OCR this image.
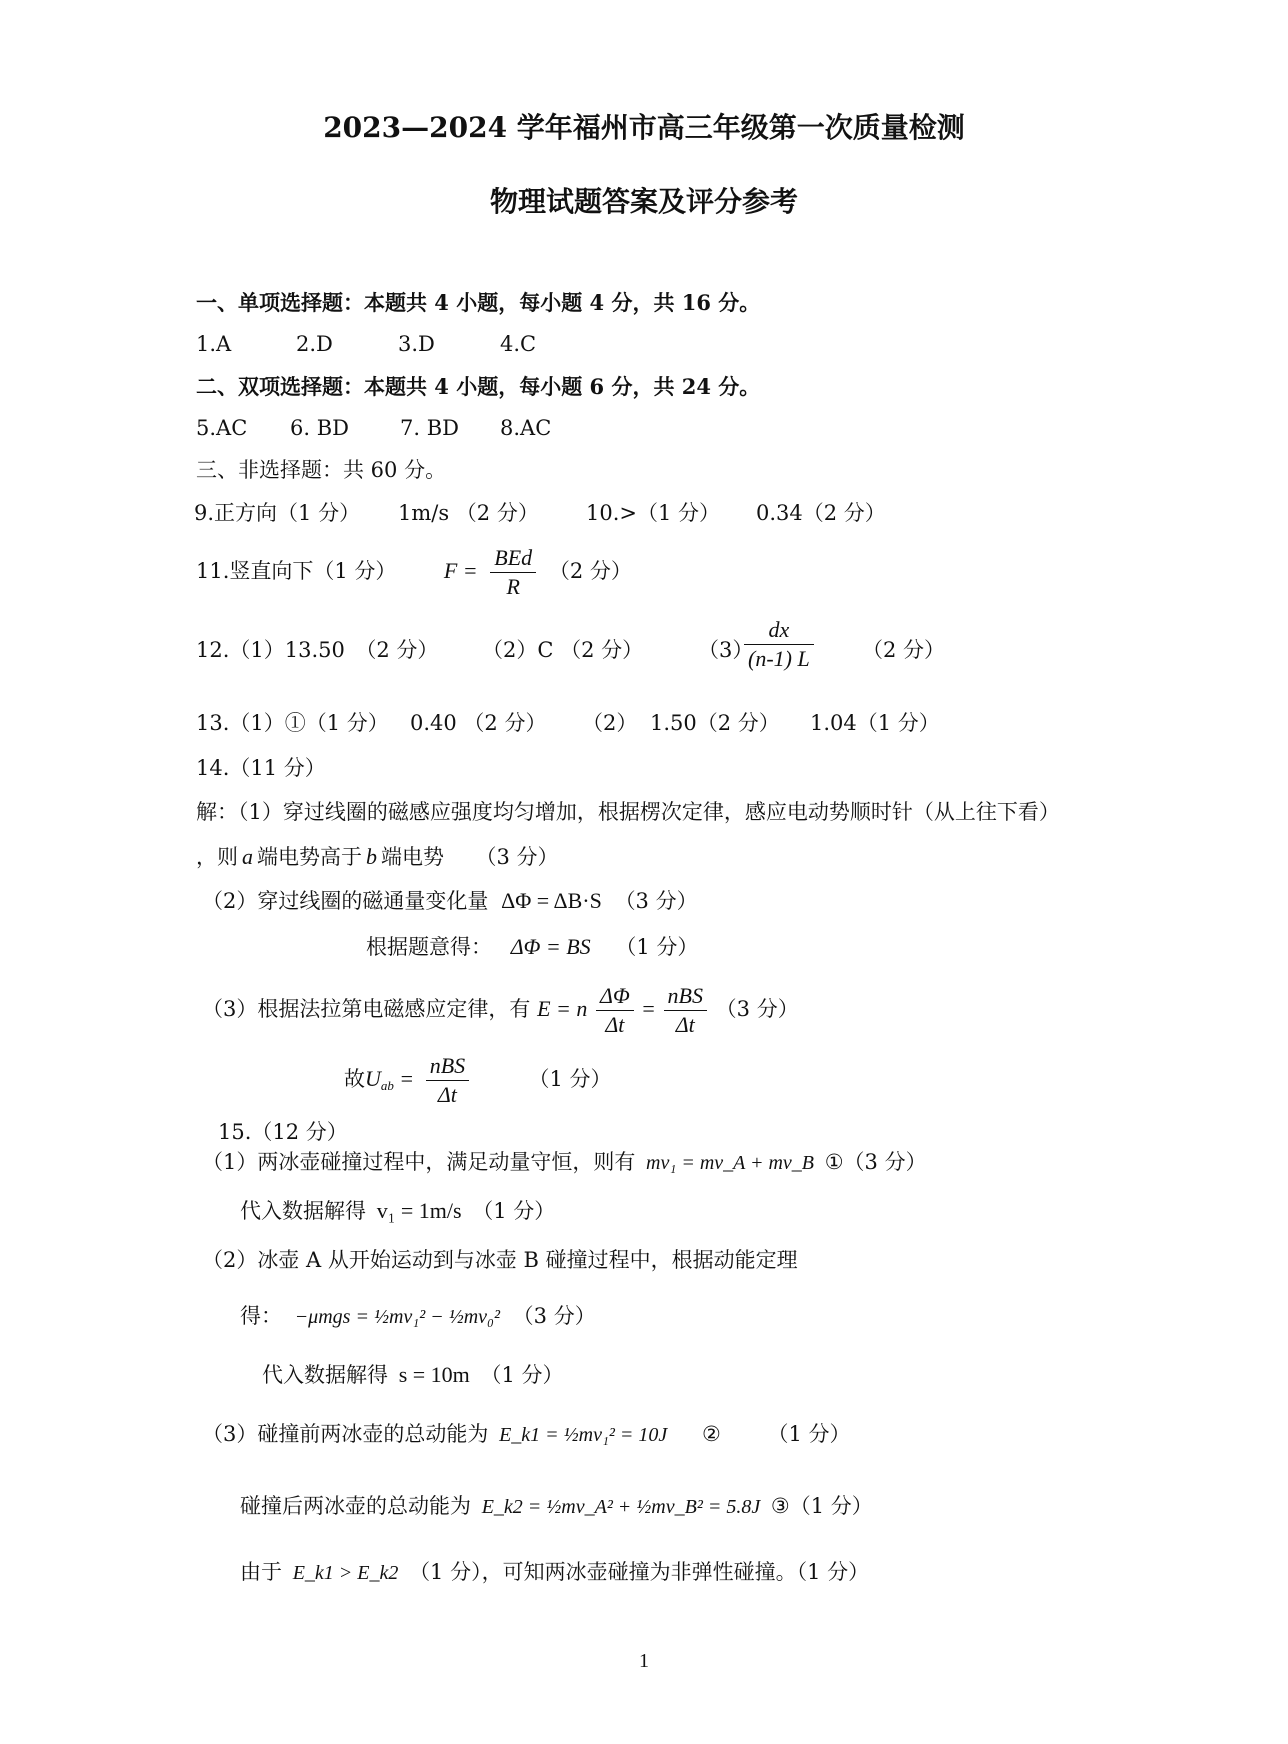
2023—2024 学年福州市高三年级第一次质量检测
物理试题答案及评分参考
一、单项选择题：本题共 4 小题，每小题 4 分，共 16 分。
1.A	2.D	3.D	4.C
二、双项选择题：本题共 4 小题，每小题 6 分，共 24 分。
5.AC 6. BD 7. BD 8.AC
三、非选择题：共 60 分。
9.正方向（1 分） 1m/s （2 分） 10.>（1 分） 0.34（2 分）
11.竖直向下（1 分） $F = \frac{\text{BEd}}{R} (2$ 分）
12.（1）13.50　（2 分） （2）C （2 分）	（3）
$\frac{dx}{(n-1) L} (2$ 分）
13.（1）①（1 分） 0.40 （2 分） （2） 1.50（2 分） 1.04（1 分）
14.（11 分）
解：（1）穿过线圈的磁感应强度均匀增加，根据楞次定律，感应电动势顺时针（从上往下看）
，则 a 端电势高于 b 端电势　　（3 分）
（2）穿过线圈的磁通量变化量 ΔΦ = ΔB·S （3 分）
根据题意得： ΔΦ = BS （1 分）
（3）根据法拉第电磁感应定律，有 E = n $\frac{\Delta\Phi}{\Delta t} = \frac{\text{nBS}}{\Delta t} (3$ 分）
故$U_{ab} = \frac{\text{nBS}}{\Delta t}$	（1 分）
15.（12 分）
（1）两冰壶碰撞过程中，满足动量守恒，则有 mv₁ = mv_A + mv_B ①（3 分）
代入数据解得 v₁ = 1m/s （1 分）
（2）冰壶 A 从开始运动到与冰壶 B 碰撞过程中，根据动能定理
得： −μmgs = ½mv₁² − ½mv₀² （3 分）
代入数据解得 s = 10m （1 分）
（3）碰撞前两冰壶的总动能为 E_k1 = ½mv₁² = 10J ② （1 分）
碰撞后两冰壶的总动能为 E_k2 = ½mv_A² + ½mv_B² = 5.8J ③（1 分）
由于 E_k1 > E_k2 （1 分），可知两冰壶碰撞为非弹性碰撞。（1 分）
1
